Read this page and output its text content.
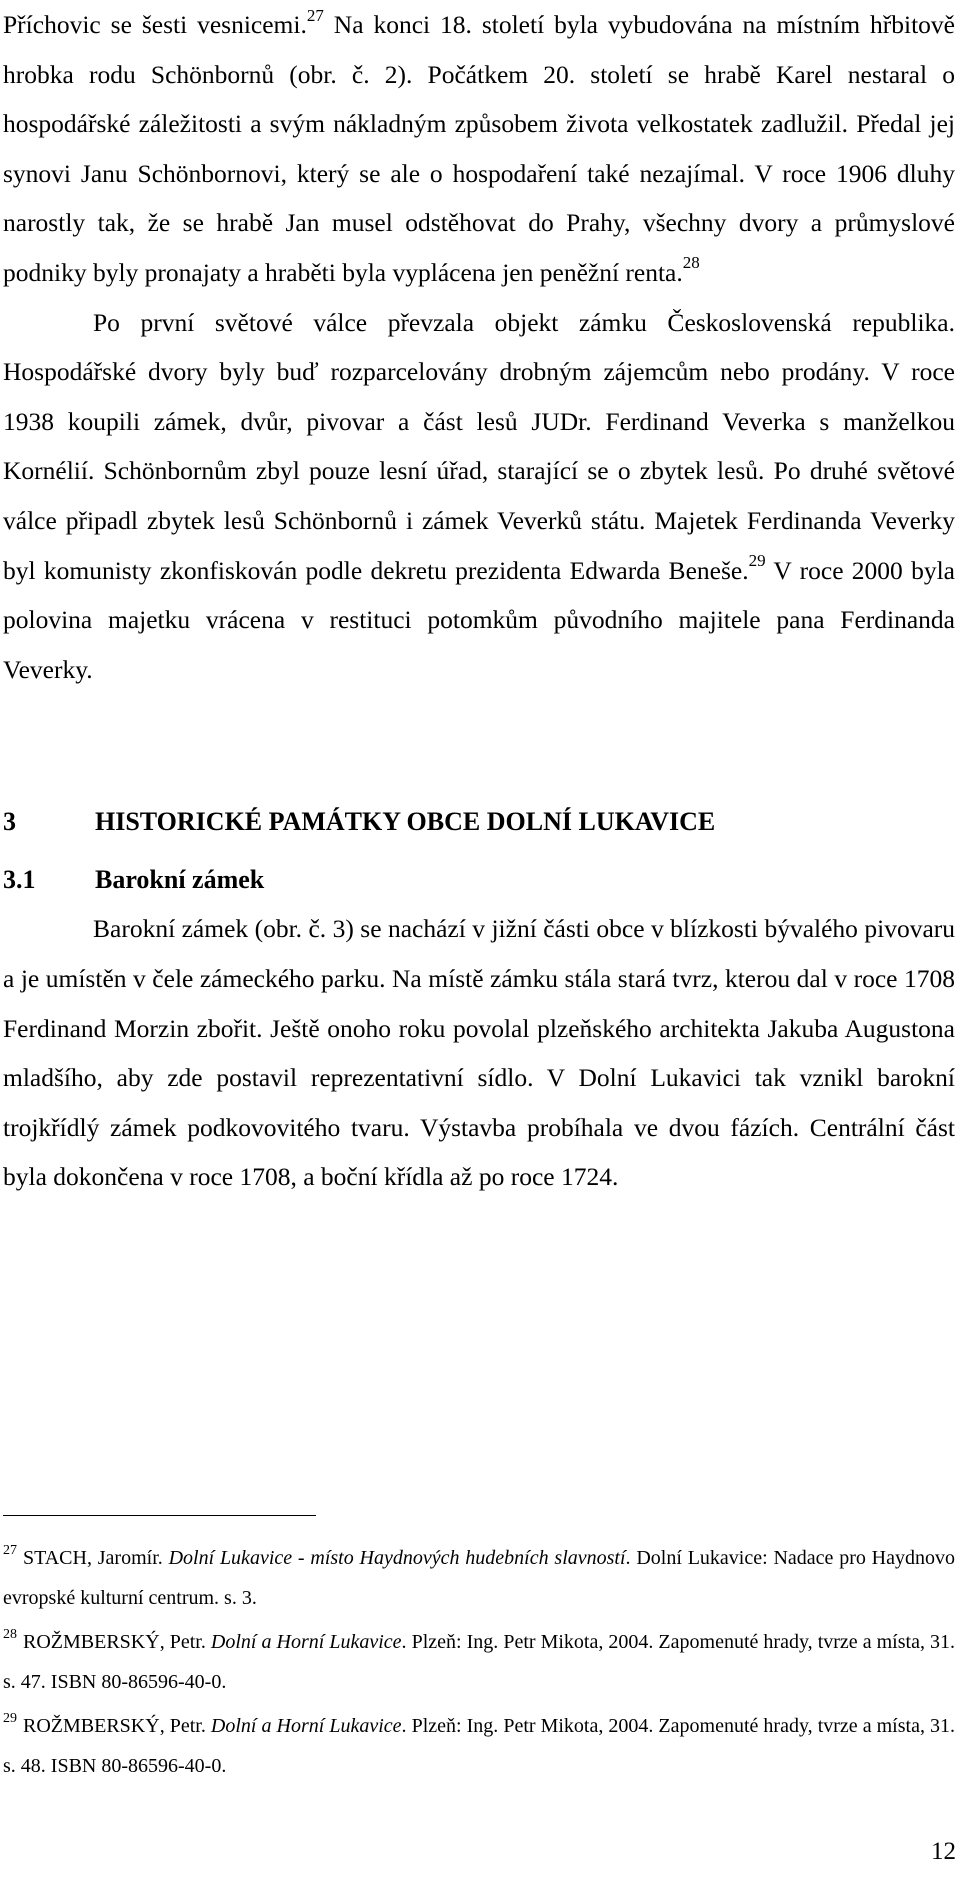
Příchovic se šesti vesnicemi.$^{27}$ Na konci 18. století byla vybudována na místním hřbitově hrobka rodu Schönbornů (obr. č. 2). Počátkem 20. století se hrabě Karel nestaral o hospodářské záležitosti a svým nákladným způsobem života velkostatek zadlužil. Předal jej synovi Janu Schönbornovi, který se ale o hospodaření také nezajímal. V roce 1906 dluhy narostly tak, že se hrabě Jan musel odstěhovat do Prahy, všechny dvory a průmyslové podniky byly pronajaty a hraběti byla vyplácena jen peněžní renta.$^{28}$

Po první světové válce převzala objekt zámku Československá republika. Hospodářské dvory byly buď rozparcelovány drobným zájemcům nebo prodány. V roce 1938 koupili zámek, dvůr, pivovar a část lesů JUDr. Ferdinand Veverka s manželkou Kornélií. Schönbornům zbyl pouze lesní úřad, starající se o zbytek lesů. Po druhé světové válce připadl zbytek lesů Schönbornů i zámek Veverků státu. Majetek Ferdinanda Veverky byl komunisty zkonfiskován podle dekretu prezidenta Edwarda Beneše.$^{29}$ V roce 2000 byla polovina majetku vrácena v restituci potomkům původního majitele pana Ferdinanda Veverky.

3	HISTORICKÉ PAMÁTKY OBCE DOLNÍ LUKAVICE
3.1 Barokní zámek

Barokní zámek (obr. č. 3) se nachází v jižní části obce v blízkosti bývalého pivovaru a je umístěn v čele zámeckého parku. Na místě zámku stála stará tvrz, kterou dal v roce 1708 Ferdinand Morzin zbořit. Ještě onoho roku povolal plzeňského architekta Jakuba Augustona mladšího, aby zde postavil reprezentativní sídlo. V Dolní Lukavici tak vznikl barokní trojkřídlý zámek podkovovitého tvaru. Výstavba probíhala ve dvou fázích. Centrální část byla dokončena v roce 1708, a boční křídla až po roce 1724.

$^{27}$ STACH, Jaromír. Dolní Lukavice - místo Haydnových hudebních slavností. Dolní Lukavice: Nadace pro Haydnovo evropské kulturní centrum. s. 3.

$^{28}$ ROŽMBERSKÝ, Petr. Dolní a Horní Lukavice. Plzeň: Ing. Petr Mikota, 2004. Zapomenuté hrady, tvrze a místa, 31. s. 47. ISBN 80-86596-40-0.

$^{29}$ ROŽMBERSKÝ, Petr. Dolní a Horní Lukavice. Plzeň: Ing. Petr Mikota, 2004. Zapomenuté hrady, tvrze a místa, 31. s. 48. ISBN 80-86596-40-0.

12
